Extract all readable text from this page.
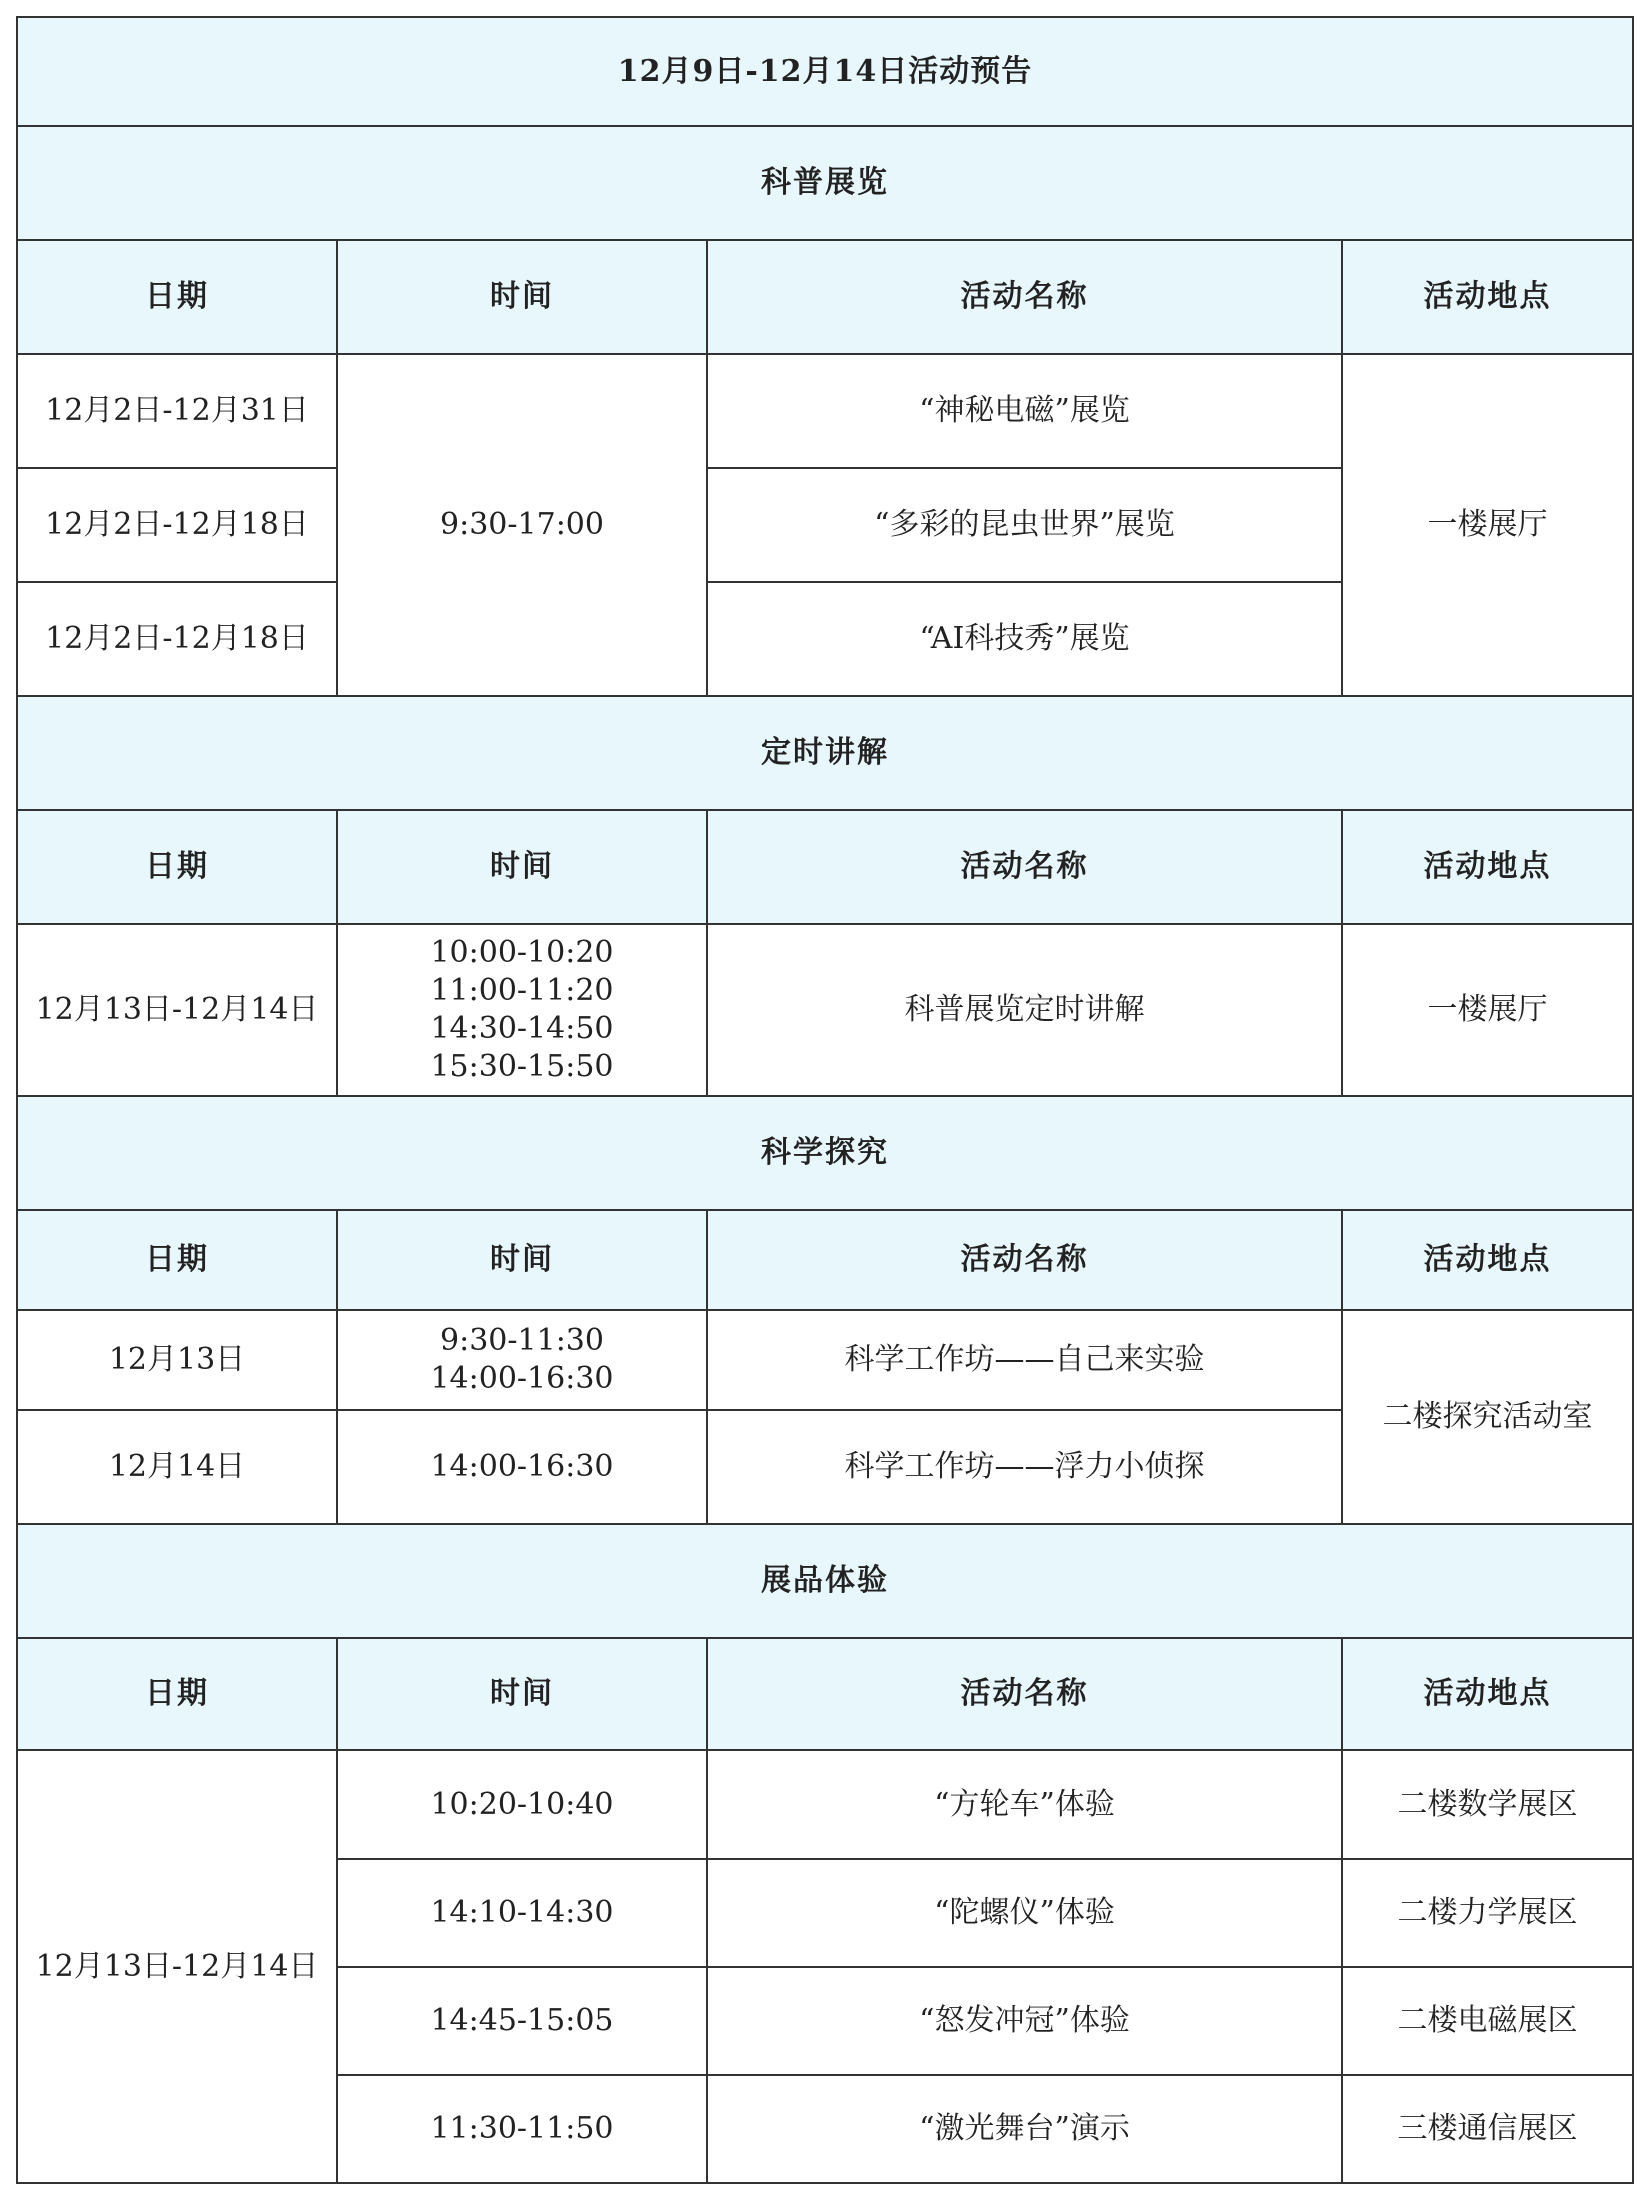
12月9日-12月14日活动预告			
科普展览			
日期	时间	活动名称	活动地点
12月2日-12月31日	9:30-17:00	“神秘电磁”展览	一楼展厅
12月2日-12月18日		“多彩的昆虫世界”展览	
12月2日-12月18日		“AI科技秀”展览	
定时讲解			
日期	时间	活动名称	活动地点
12月13日-12月14日	10:00-10:20
11:00-11:20
14:30-14:50
15:30-15:50	科普展览定时讲解	一楼展厅
科学探究			
日期	时间	活动名称	活动地点
12月13日	9:30-11:30
14:00-16:30	科学工作坊——自己来实验	二楼探究活动室
12月14日	14:00-16:30	科学工作坊——浮力小侦探	
展品体验			
日期	时间	活动名称	活动地点
12月13日-12月14日	10:20-10:40	“方轮车”体验	二楼数学展区
	14:10-14:30	“陀螺仪”体验	二楼力学展区
	14:45-15:05	“怒发冲冠”体验	二楼电磁展区
	11:30-11:50	“激光舞台”演示	三楼通信展区
